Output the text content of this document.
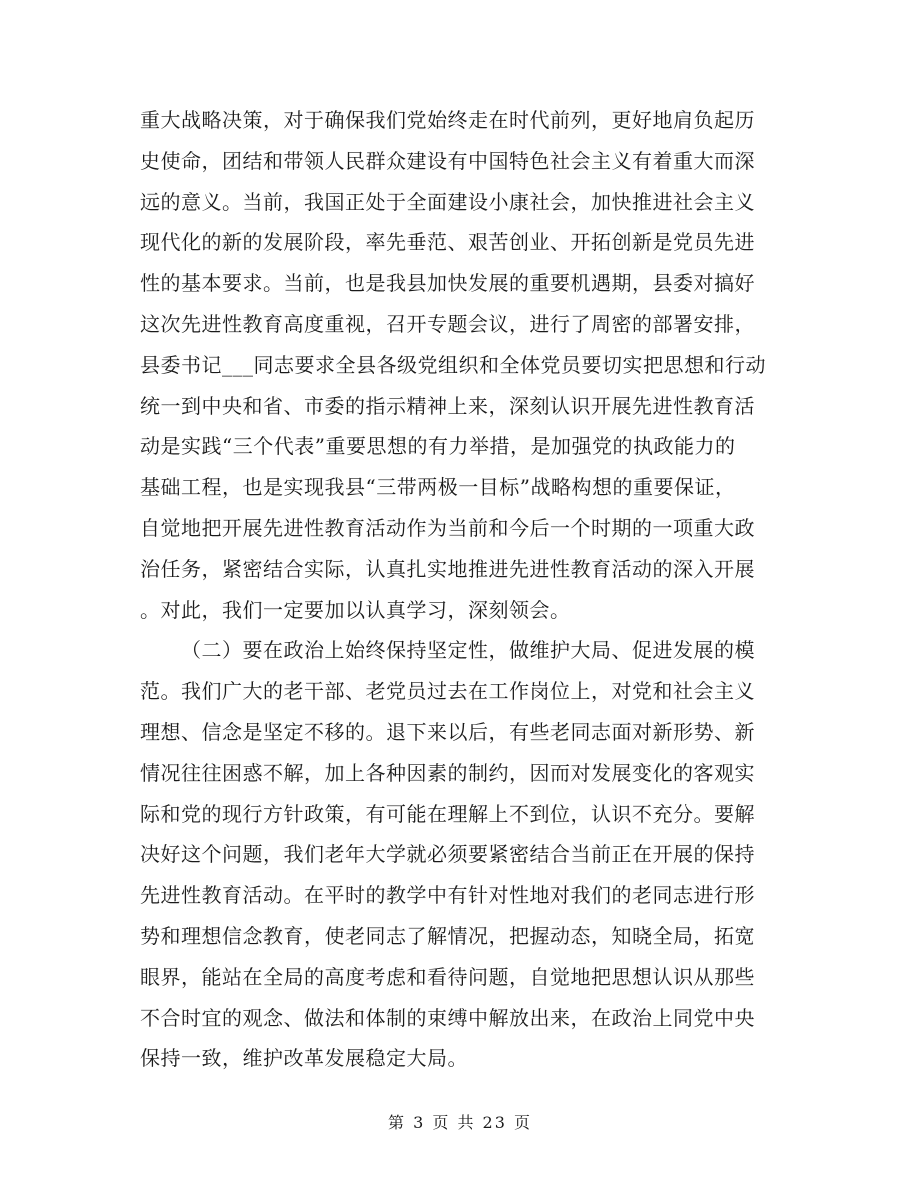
重大战略决策，对于确保我们党始终走在时代前列，更好地肩负起历
史使命，团结和带领人民群众建设有中国特色社会主义有着重大而深
远的意义。当前，我国正处于全面建设小康社会，加快推进社会主义
现代化的新的发展阶段，率先垂范、艰苦创业、开拓创新是党员先进
性的基本要求。当前，也是我县加快发展的重要机遇期，县委对搞好
这次先进性教育高度重视，召开专题会议，进行了周密的部署安排，
县委书记___同志要求全县各级党组织和全体党员要切实把思想和行动
统一到中央和省、市委的指示精神上来，深刻认识开展先进性教育活
动是实践“三个代表”重要思想的有力举措，是加强党的执政能力的
基础工程，也是实现我县“三带两极一目标”战略构想的重要保证，
自觉地把开展先进性教育活动作为当前和今后一个时期的一项重大政
治任务，紧密结合实际，认真扎实地推进先进性教育活动的深入开展
。对此，我们一定要加以认真学习，深刻领会。
（二）要在政治上始终保持坚定性，做维护大局、促进发展的模
范。我们广大的老干部、老党员过去在工作岗位上，对党和社会主义
理想、信念是坚定不移的。退下来以后，有些老同志面对新形势、新
情况往往困惑不解，加上各种因素的制约，因而对发展变化的客观实
际和党的现行方针政策，有可能在理解上不到位，认识不充分。要解
决好这个问题，我们老年大学就必须要紧密结合当前正在开展的保持
先进性教育活动。在平时的教学中有针对性地对我们的老同志进行形
势和理想信念教育，使老同志了解情况，把握动态，知晓全局，拓宽
眼界，能站在全局的高度考虑和看待问题，自觉地把思想认识从那些
不合时宜的观念、做法和体制的束缚中解放出来，在政治上同党中央
保持一致，维护改革发展稳定大局。
第 3 页 共 23 页
